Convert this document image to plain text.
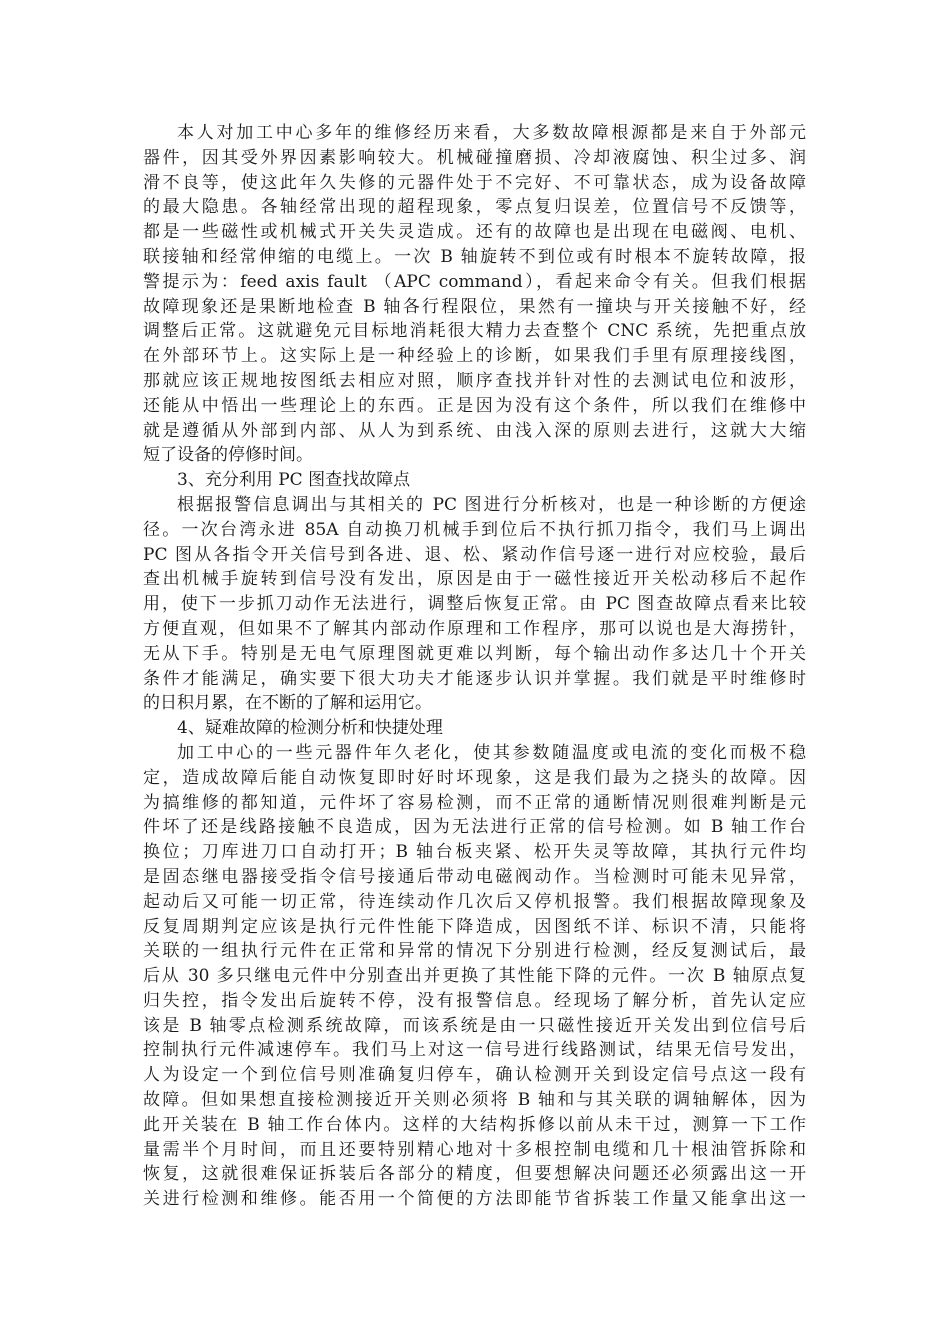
本人对加工中心多年的维修经历来看，大多数故障根源都是来自于外部元
器件，因其受外界因素影响较大。机械碰撞磨损、冷却液腐蚀、积尘过多、润
滑不良等，使这此年久失修的元器件处于不完好、不可靠状态，成为设备故障
的最大隐患。各轴经常出现的超程现象，零点复归误差，位置信号不反馈等，
都是一些磁性或机械式开关失灵造成。还有的故障也是出现在电磁阀、电机、
联接轴和经常伸缩的电缆上。一次 B 轴旋转不到位或有时根本不旋转故障，报
警提示为：feed axis fault （APC command），看起来命令有关。但我们根据
故障现象还是果断地检查 B 轴各行程限位，果然有一撞块与开关接触不好，经
调整后正常。这就避免元目标地消耗很大精力去查整个 CNC 系统，先把重点放
在外部环节上。这实际上是一种经验上的诊断，如果我们手里有原理接线图，
那就应该正规地按图纸去相应对照，顺序查找并针对性的去测试电位和波形，
还能从中悟出一些理论上的东西。正是因为没有这个条件，所以我们在维修中
就是遵循从外部到内部、从人为到系统、由浅入深的原则去进行，这就大大缩
短了设备的停修时间。
3、充分利用 PC 图查找故障点
根据报警信息调出与其相关的 PC 图进行分析核对，也是一种诊断的方便途
径。一次台湾永进 85A 自动换刀机械手到位后不执行抓刀指令，我们马上调出
PC 图从各指令开关信号到各进、退、松、紧动作信号逐一进行对应校验，最后
查出机械手旋转到信号没有发出，原因是由于一磁性接近开关松动移后不起作
用，使下一步抓刀动作无法进行，调整后恢复正常。由 PC 图查故障点看来比较
方便直观，但如果不了解其内部动作原理和工作程序，那可以说也是大海捞针，
无从下手。特别是无电气原理图就更难以判断，每个输出动作多达几十个开关
条件才能满足，确实要下很大功夫才能逐步认识并掌握。我们就是平时维修时
的日积月累，在不断的了解和运用它。
4、疑难故障的检测分析和快捷处理
加工中心的一些元器件年久老化，使其参数随温度或电流的变化而极不稳
定，造成故障后能自动恢复即时好时坏现象，这是我们最为之挠头的故障。因
为搞维修的都知道，元件坏了容易检测，而不正常的通断情况则很难判断是元
件坏了还是线路接触不良造成，因为无法进行正常的信号检测。如 B 轴工作台
换位；刀库进刀口自动打开；B 轴台板夹紧、松开失灵等故障，其执行元件均
是固态继电器接受指令信号接通后带动电磁阀动作。当检测时可能未见异常，
起动后又可能一切正常，待连续动作几次后又停机报警。我们根据故障现象及
反复周期判定应该是执行元件性能下降造成，因图纸不详、标识不清，只能将
关联的一组执行元件在正常和异常的情况下分别进行检测，经反复测试后，最
后从 30 多只继电元件中分别查出并更换了其性能下降的元件。一次 B 轴原点复
归失控，指令发出后旋转不停，没有报警信息。经现场了解分析，首先认定应
该是 B 轴零点检测系统故障，而该系统是由一只磁性接近开关发出到位信号后
控制执行元件减速停车。我们马上对这一信号进行线路测试，结果无信号发出，
人为设定一个到位信号则准确复归停车，确认检测开关到设定信号点这一段有
故障。但如果想直接检测接近开关则必须将 B 轴和与其关联的调轴解体，因为
此开关装在 B 轴工作台体内。这样的大结构拆修以前从未干过，测算一下工作
量需半个月时间，而且还要特别精心地对十多根控制电缆和几十根油管拆除和
恢复，这就很难保证拆装后各部分的精度，但要想解决问题还必须露出这一开
关进行检测和维修。能否用一个简便的方法即能节省拆装工作量又能拿出这一
